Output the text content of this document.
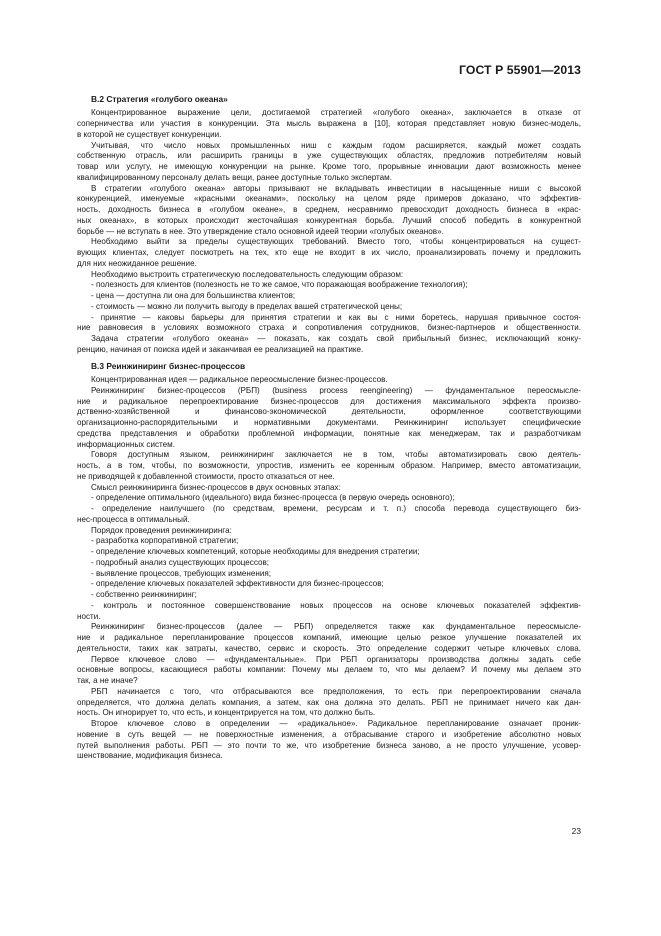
ГОСТ Р 55901—2013
В.2 Стратегия «голубого океана»
Концентрированное выражение цели, достигаемой стратегией «голубого океана», заключается в отказе от
соперничества или участия в конкуренции. Эта мысль выражена в [10], которая представляет новую бизнес-модель,
в которой не существует конкуренции.
Учитывая, что число новых промышленных ниш с каждым годом расширяется, каждый может создать
собственную отрасль, или расширить границы в уже существующих областях, предложив потребителям новый
товар или услугу, не имеющую конкуренции на рынке. Кроме того, прорывные инновации дают возможность менее
квалифицированному персоналу делать вещи, ранее доступные только экспертам.
В стратегии «голубого океана» авторы призывают не вкладывать инвестиции в насыщенные ниши с высокой
конкуренцией, именуемые «красными океанами», поскольку на целом ряде примеров доказано, что эффектив-
ность, доходность бизнеса в «голубом океане», в среднем, несравнимо превосходит доходность бизнеса в «крас-
ных океанах», в которых происходит жесточайшая конкурентная борьба. Лучший способ победить в конкурентной
борьбе — не вступать в нее. Это утверждение стало основной идеей теории «голубых океанов».
Необходимо выйти за пределы существующих требований. Вместо того, чтобы концентрироваться на сущест-
вующих клиентах, следует посмотреть на тех, кто еще не входит в их число, проанализировать почему и предложить
для них неожиданное решение.
Необходимо выстроить стратегическую последовательность следующим образом:
- полезность для клиентов (полезность не то же самое, что поражающая воображение технология);
- цена — доступна ли она для большинства клиентов;
- стоимость — можно ли получить выгоду в пределах вашей стратегической цены;
- принятие — каковы барьеры для принятия стратегии и как вы с ними боретесь, нарушая привычное состоя-
ние равновесия в условиях возможного страха и сопротивления сотрудников, бизнес-партнеров и общественности.
Задача стратегии «голубого океана» — показать, как создать свой прибыльный бизнес, исключающий конку-
ренцию, начиная от поиска идей и заканчивая ее реализацией на практике.
В.3 Реинжиниринг бизнес-процессов
Концентрированная идея — радикальное переосмысление бизнес-процессов.
Реинжиниринг бизнес-процессов (РБП) (business process reengineering) — фундаментальное переосмысле-
ние и радикальное перепроектирование бизнес-процессов для достижения максимального эффекта произво-
дственно-хозяйственной и финансово-экономической деятельности, оформленное соответствующими
организационно-распорядительными и нормативными документами. Реинжиниринг использует специфические
средства представления и обработки проблемной информации, понятные как менеджерам, так и разработчикам
информационных систем.
Говоря доступным языком, реинжиниринг заключается не в том, чтобы автоматизировать свою деятель-
ность, а в том, чтобы, по возможности, упростив, изменить ее коренным образом. Например, вместо автоматизации,
не приводящей к добавленной стоимости, просто отказаться от нее.
Смысл реинжиниринга бизнес-процессов в двух основных этапах:
- определение оптимального (идеального) вида бизнес-процесса (в первую очередь основного);
- определение наилучшего (по средствам, времени, ресурсам и т. п.) способа перевода существующего биз-
нес-процесса в оптимальный.
Порядок проведения реинжиниринга:
- разработка корпоративной стратегии;
- определение ключевых компетенций, которые необходимы для внедрения стратегии;
- подробный анализ существующих процессов;
- выявление процессов, требующих изменения;
- определение ключевых показателей эффективности для бизнес-процессов;
- собственно реинжиниринг;
- контроль и постоянное совершенствование новых процессов на основе ключевых показателей эффектив-
ности.
Реинжиниринг бизнес-процессов (далее — РБП) определяется также как фундаментальное переосмысле-
ние и радикальное перепланирование процессов компаний, имеющие целью резкое улучшение показателей их
деятельности, таких как затраты, качество, сервис и скорость. Это определение содержит четыре ключевых слова.
Первое ключевое слово — «фундаментальные». При РБП организаторы производства должны задать себе
основные вопросы, касающиеся работы компании: Почему мы делаем то, что мы делаем? И почему мы делаем это
так, а не иначе?
РБП начинается с того, что отбрасываются все предположения, то есть при перепроектировании сначала
определяется, что должна делать компания, а затем, как она должна это делать. РБП не принимает ничего как дан-
ность. Он игнорирует то, что есть, и концентрируется на том, что должно быть.
Второе ключевое слово в определении — «радикальное». Радикальное перепланирование означает проник-
новение в суть вещей — не поверхностные изменения, а отбрасывание старого и изобретение абсолютно новых
путей выполнения работы. РБП — это почти то же, что изобретение бизнеса заново, а не просто улучшение, усовер-
шенствование, модификация бизнеса.
23
